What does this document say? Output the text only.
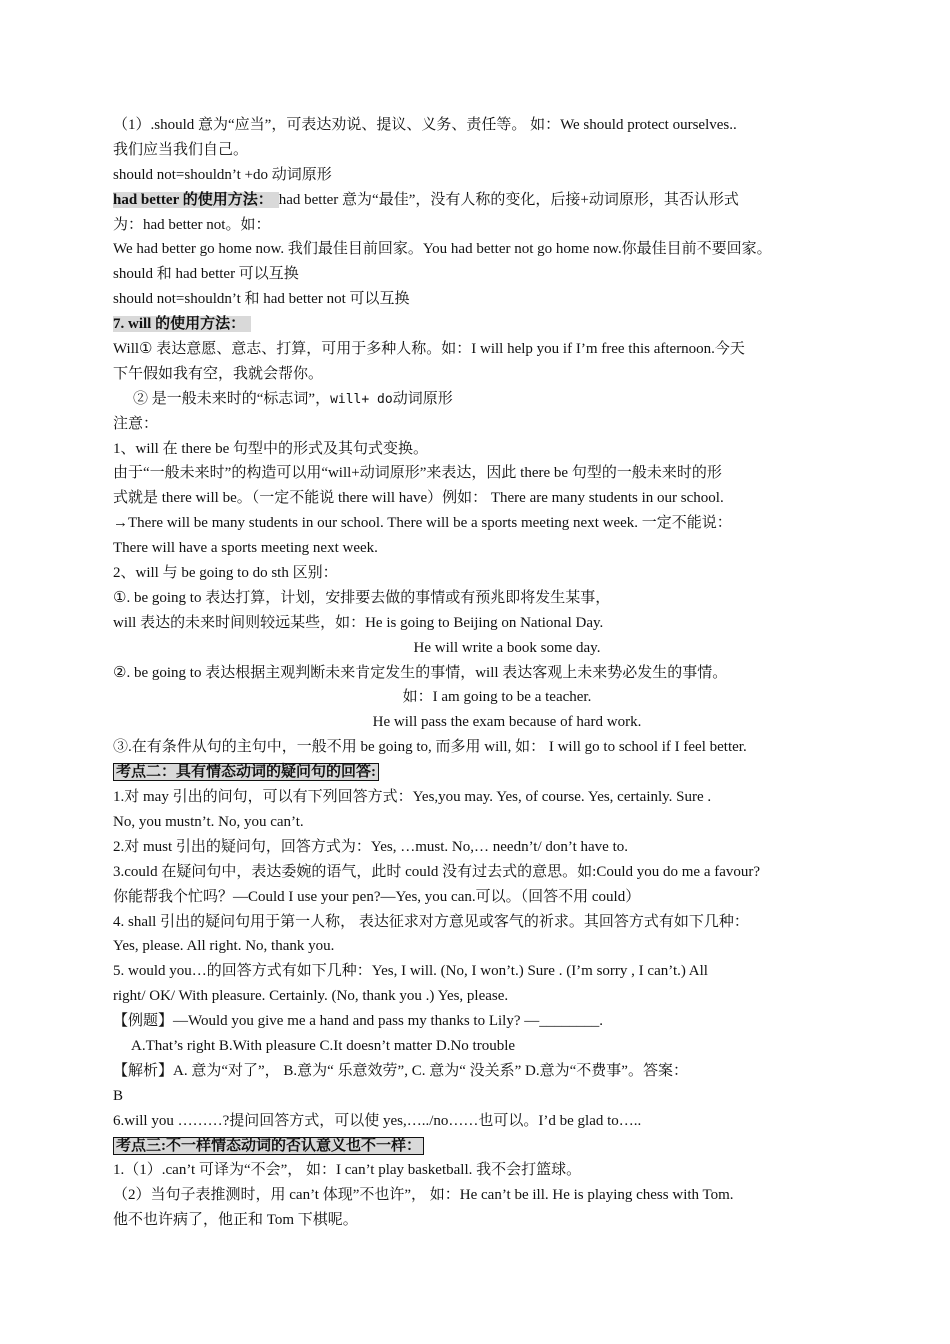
（1）.should 意为“应当”，可表达劝说、提议、义务、责任等。 如：We should protect ourselves..
我们应当我们自己。
should not=shouldn’t +do 动词原形
had better 的使用方法： had better 意为“最佳”，没有人称的变化，后接+动词原形，其否认形式
为：had better not。如：
We had better go home now. 我们最佳目前回家。You had better not go home now.你最佳目前不要回家。
should 和 had better 可以互换
should not=shouldn’t 和 had better not 可以互换
7. will 的使用方法：
Will① 表达意愿、意志、打算，可用于多种人称。如：I will help you if I’m free this afternoon.今天
下午假如我有空，我就会帮你。
② 是一般未来时的“标志词”，will+ do动词原形
注意：
1、will 在 there be 句型中的形式及其句式变换。
由于“一般未来时”的构造可以用“will+动词原形”来表达，因此 there be 句型的一般未来时的形
式就是 there will be。（一定不能说 there will have）例如： There are many students in our school.
→There will be many students in our school. There will be a sports meeting next week. 一定不能说：
There will have a sports meeting next week.
2、will 与 be going to do sth 区别：
①. be going to 表达打算，计划，安排要去做的事情或有预兆即将发生某事，
will 表达的未来时间则较远某些，如：He is going to Beijing on National Day.
He will write a book some day.
②. be going to 表达根据主观判断未来肯定发生的事情，will 表达客观上未来势必发生的事情。
如：I am going to be a teacher.
He will pass the exam because of hard work.
③.在有条件从句的主句中，一般不用 be going to, 而多用 will, 如： I will go to school if I feel better.
考点二：具有情态动词的疑问句的回答:
1.对 may 引出的问句，可以有下列回答方式：Yes,you may. Yes, of course. Yes, certainly. Sure .
No, you mustn’t. No, you can’t.
2.对 must 引出的疑问句，回答方式为：Yes, …must. No,… needn’t/ don’t have to.
3.could 在疑问句中，表达委婉的语气，此时 could 没有过去式的意思。如:Could you do me a favour?
你能帮我个忙吗？—Could I use your pen?—Yes, you can.可以。（回答不用 could）
4. shall 引出的疑问句用于第一人称， 表达征求对方意见或客气的祈求。其回答方式有如下几种：
Yes, please. All right. No, thank you.
5. would you…的回答方式有如下几种：Yes, I will. (No, I won’t.) Sure . (I’m sorry , I can’t.) All
right/ OK/ With pleasure. Certainly. (No, thank you .) Yes, please.
【例题】—Would you give me a hand and pass my thanks to Lily? —________.
A.That’s right B.With pleasure C.It doesn’t matter D.No trouble
【解析】A. 意为“对了”， B.意为“ 乐意效劳”, C. 意为“ 没关系” D.意为“不费事”。答案：
B
6.will you ………?提问回答方式，可以使 yes,…../no……也可以。I’d be glad to…..
考点三:不一样情态动词的否认意义也不一样：
1.（1）.can’t 可译为“不会”， 如：I can’t play basketball. 我不会打篮球。
（2）当句子表推测时，用 can’t 体现”不也许”， 如：He can’t be ill. He is playing chess with Tom.
他不也许病了，他正和 Tom 下棋呢。
